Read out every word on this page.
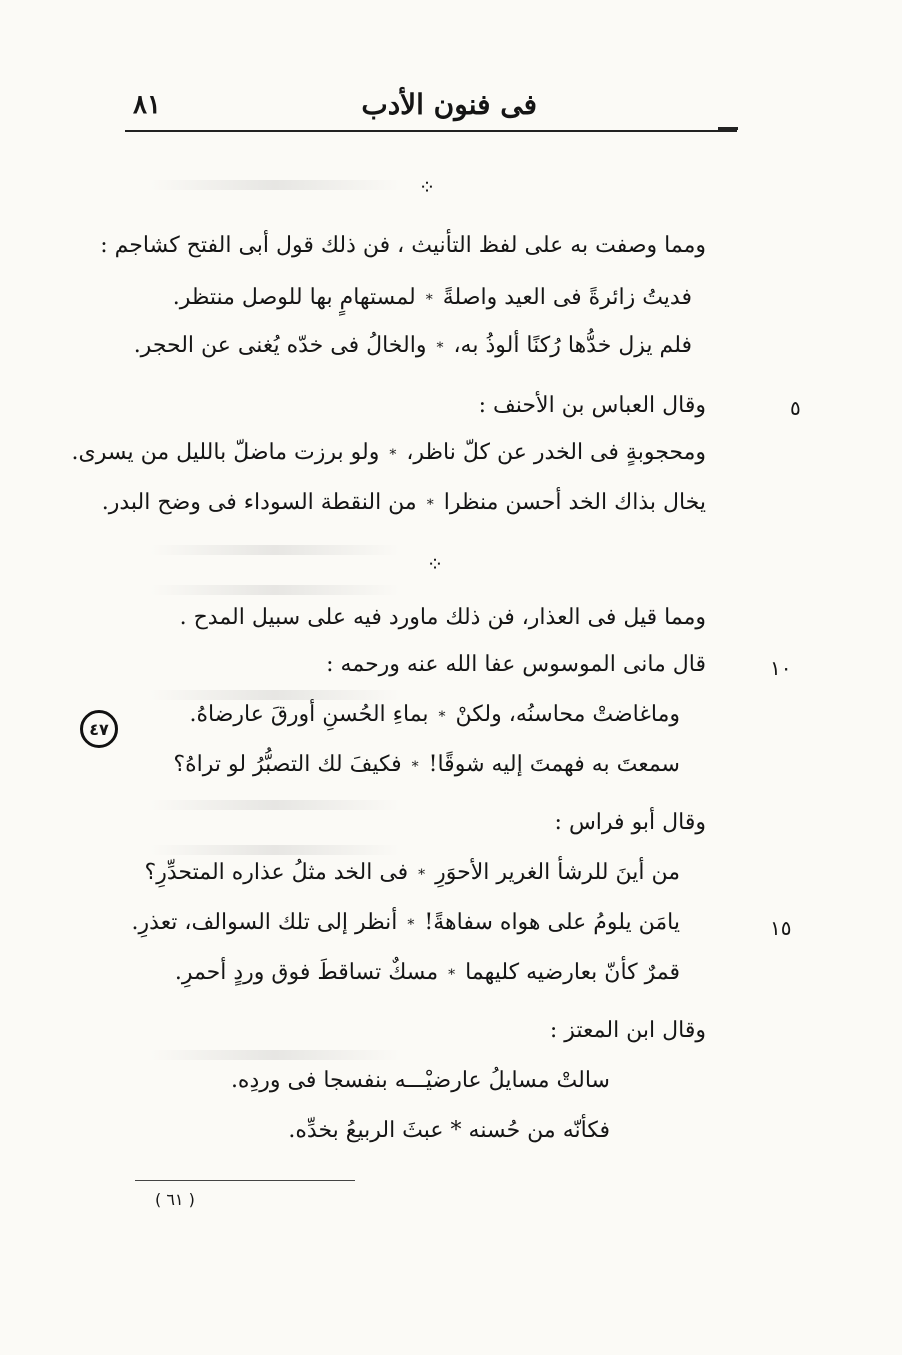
٨١	فى فنون الأدب
⁘
ومما وصفت به على لفظ التأنيث ، فن ذلك قول أبى الفتح كشاجم :
فديتُ زائرةً فى العيد واصلةً*لمستهامٍ بها للوصل منتظر.
فلم يزل خدُّها رُكنًا ألوذُ به،*والخالُ فى خدّه يُغنى عن الحجر.
وقال العباس بن الأحنف :	٥
ومحجوبةٍ فى الخدر عن كلّ ناظر،*ولو برزت ماضلّ بالليل من يسرى.
يخال بذاك الخد أحسن منظرا*من النقطة السوداء فى وضح البدر.
⁘
ومما قيل فى العذار، فن ذلك ماورد فيه على سبيل المدح .
قال مانى الموسوس عفا الله عنه ورحمه :	١٠
٤٧
وماغاضتْ محاسنُه، ولكنْ*بماءِ الحُسنِ أورقَ عارضاهُ.
سمعتَ به فهمتَ إليه شوقًا!*فكيفَ لك التصبُّرُ لو تراهُ؟
وقال أبو فراس :
من أينَ للرشأ الغرير الأحوَرِ*فى الخد مثلُ عذاره المتحدِّرِ؟
يامَن يلومُ على هواه سفاهةً!*أنظر إلى تلك السوالف، تعذرِ.	١٥
قمرٌ كأنّ بعارضيه كليهما*مسكٌ تساقطَ فوق وردٍ أحمرِ.
وقال ابن المعتز :
سالتْ مسايلُ عارضيْـــه بنفسجا فى وردِه.
فكأنّه من حُسنه * عبثَ الربيعُ بخدِّه.
( ٦١ )
